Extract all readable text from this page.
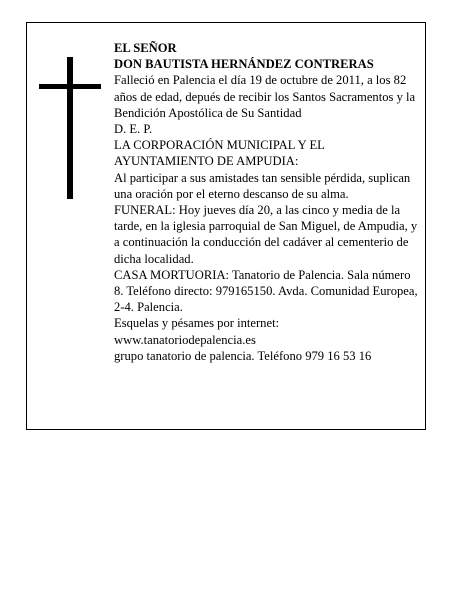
EL SEÑOR

DON BAUTISTA HERNÁNDEZ CONTRERAS

Falleció en Palencia el día 19 de octubre de 2011, a los 82 años de edad, depués de recibir los Santos Sacramentos y la Bendición Apostólica de Su Santidad

D. E. P.

LA CORPORACIÓN MUNICIPAL Y EL AYUNTAMIENTO DE AMPUDIA:

Al participar a sus amistades tan sensible pérdida, suplican una oración por el eterno descanso de su alma.

FUNERAL: Hoy jueves día 20, a las cinco y media de la tarde, en la iglesia parroquial de San Miguel, de Ampudia, y a continuación la conducción del cadáver al cementerio de dicha localidad.

CASA MORTUORIA: Tanatorio de Palencia. Sala número 8. Teléfono directo: 979165150. Avda. Comunidad Europea, 2-4. Palencia.

Esquelas y pésames por internet:

www.tanatoriodepalencia.es

grupo tanatorio de palencia. Teléfono 979 16 53 16
